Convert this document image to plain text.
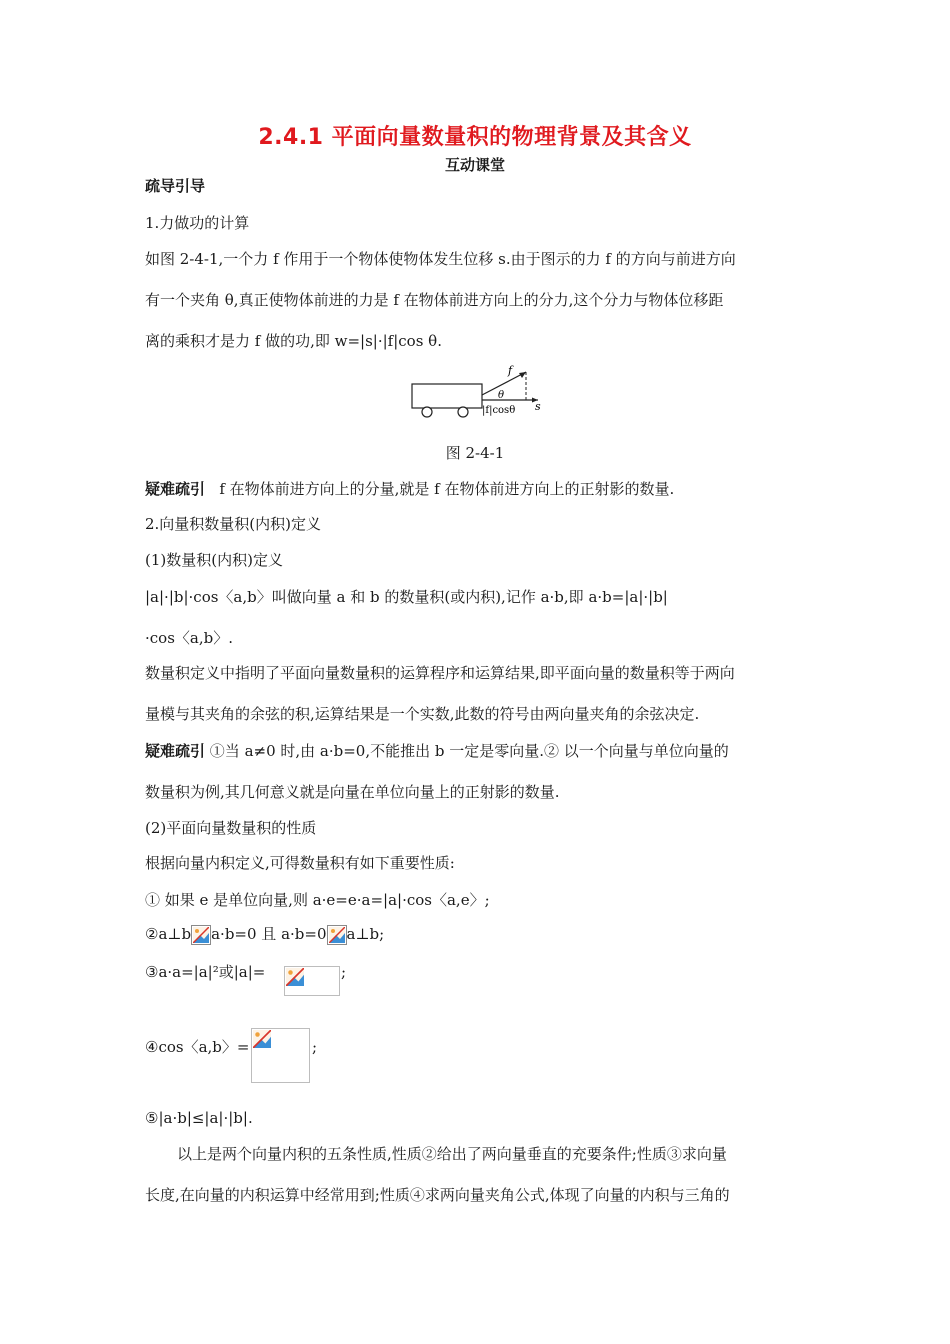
2.4.1 平面向量数量积的物理背景及其含义
互动课堂
疏导引导
1.力做功的计算
如图 2-4-1,一个力 f 作用于一个物体使物体发生位移 s.由于图示的力 f 的方向与前进方向
有一个夹角 θ,真正使物体前进的力是 f 在物体前进方向上的分力,这个分力与物体位移距
离的乘积才是力 f 做的功,即 w=|s|·|f|cos θ.
f
θ
s
|f|cosθ
图 2-4-1
疑难疏引 f 在物体前进方向上的分量,就是 f 在物体前进方向上的正射影的数量.
2.向量积数量积(内积)定义
(1)数量积(内积)定义
|a|·|b|·cos〈a,b〉叫做向量 a 和 b 的数量积(或内积),记作 a·b,即 a·b=|a|·|b|
·cos〈a,b〉.
数量积定义中指明了平面向量数量积的运算程序和运算结果,即平面向量的数量积等于两向
量模与其夹角的余弦的积,运算结果是一个实数,此数的符号由两向量夹角的余弦决定.
疑难疏引 ①当 a≠0 时,由 a·b=0,不能推出 b 一定是零向量.② 以一个向量与单位向量的
数量积为例,其几何意义就是向量在单位向量上的正射影的数量.
(2)平面向量数量积的性质
根据向量内积定义,可得数量积有如下重要性质:
① 如果 e 是单位向量,则 a·e=e·a=|a|·cos〈a,e〉;
②a⊥b a·b=0 且 a·b=0 a⊥b;
③a·a=|a|²或|a|=	;
④cos〈a,b〉=	;
⑤|a·b|≤|a|·|b|.
以上是两个向量内积的五条性质,性质②给出了两向量垂直的充要条件;性质③求向量
长度,在向量的内积运算中经常用到;性质④求两向量夹角公式,体现了向量的内积与三角的
